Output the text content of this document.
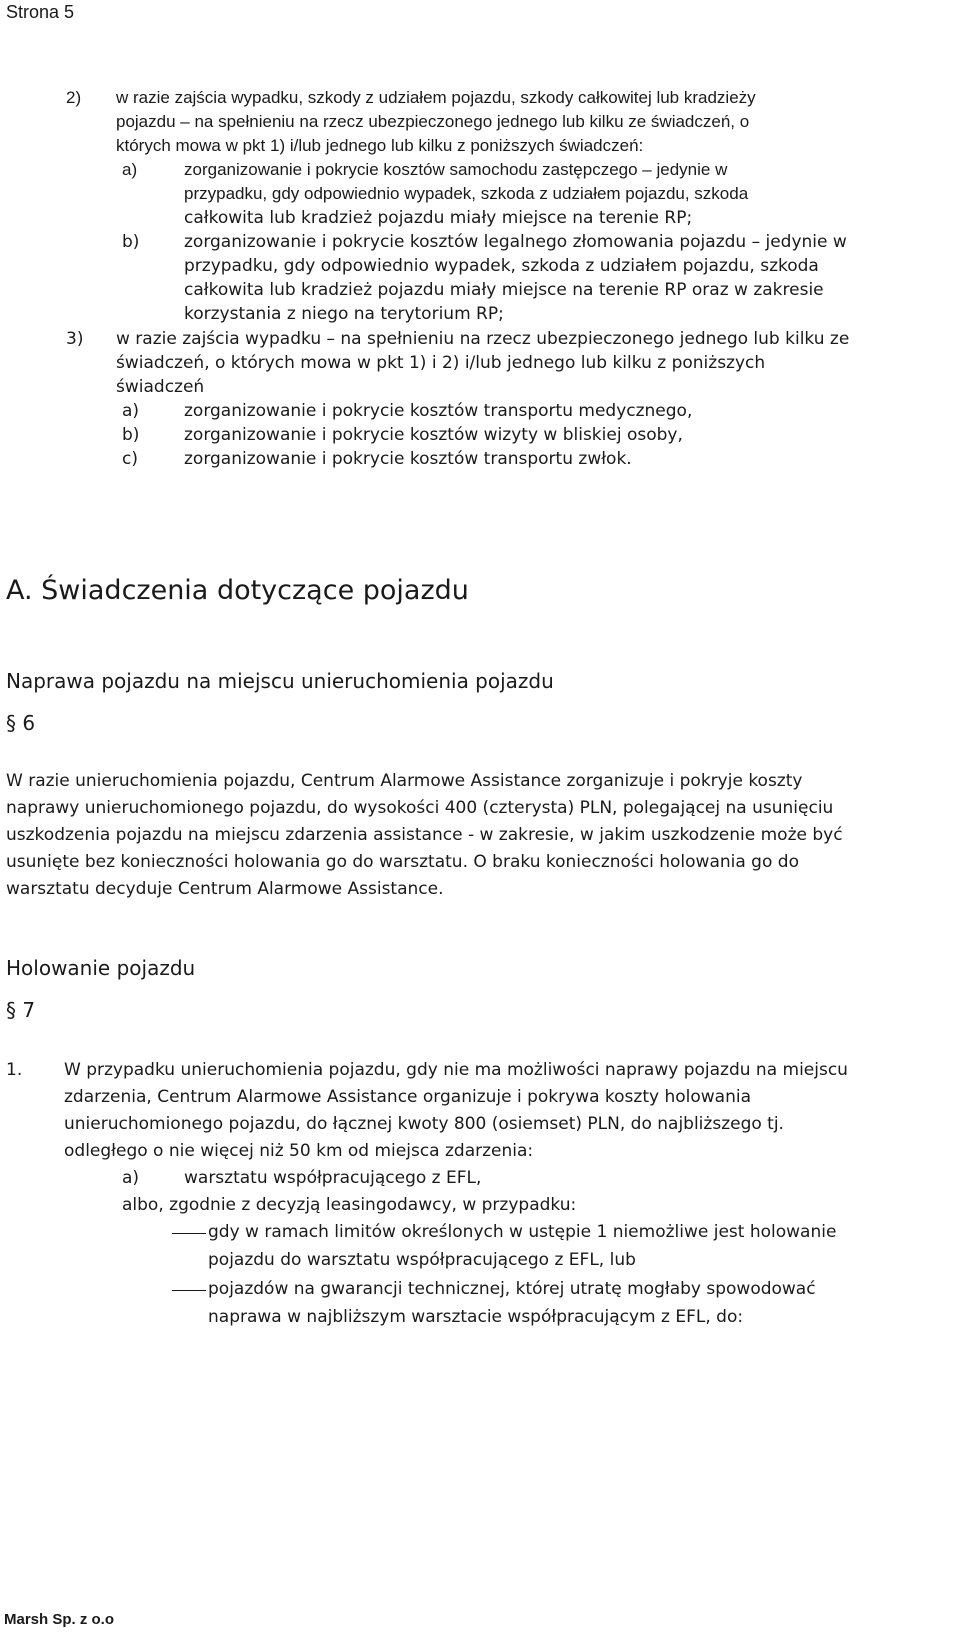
Strona 5
2) w razie zajścia wypadku, szkody z udziałem pojazdu, szkody całkowitej lub kradzieży
pojazdu – na spełnieniu na rzecz ubezpieczonego jednego lub kilku ze świadczeń, o
których mowa w pkt 1) i/lub jednego lub kilku z poniższych świadczeń:
a)	zorganizowanie i pokrycie kosztów samochodu zastępczego – jedynie w
przypadku, gdy odpowiednio wypadek, szkoda z udziałem pojazdu, szkoda
całkowita lub kradzież pojazdu miały miejsce na terenie RP;
b)	zorganizowanie i pokrycie kosztów legalnego złomowania pojazdu – jedynie w
przypadku, gdy odpowiednio wypadek, szkoda z udziałem pojazdu, szkoda
całkowita lub kradzież pojazdu miały miejsce na terenie RP oraz w zakresie
korzystania z niego na terytorium RP;
3) w razie zajścia wypadku – na spełnieniu na rzecz ubezpieczonego jednego lub kilku ze
świadczeń, o których mowa w pkt 1) i 2) i/lub jednego lub kilku z poniższych
świadczeń
a)	zorganizowanie i pokrycie kosztów transportu medycznego,
b)	zorganizowanie i pokrycie kosztów wizyty w bliskiej osoby,
c)	zorganizowanie i pokrycie kosztów transportu zwłok.
A. Świadczenia dotyczące pojazdu
Naprawa pojazdu na miejscu unieruchomienia pojazdu
§ 6
W razie unieruchomienia pojazdu, Centrum Alarmowe Assistance zorganizuje i pokryje koszty
naprawy unieruchomionego pojazdu, do wysokości 400 (czterysta) PLN, polegającej na usunięciu
uszkodzenia pojazdu na miejscu zdarzenia assistance - w zakresie, w jakim uszkodzenie może być
usunięte bez konieczności holowania go do warsztatu. O braku konieczności holowania go do
warsztatu decyduje Centrum Alarmowe Assistance.
Holowanie pojazdu
§ 7
1. W przypadku unieruchomienia pojazdu, gdy nie ma możliwości naprawy pojazdu na miejscu
zdarzenia, Centrum Alarmowe Assistance organizuje i pokrywa koszty holowania
unieruchomionego pojazdu, do łącznej kwoty 800 (osiemset) PLN, do najbliższego tj.
odległego o nie więcej niż 50 km od miejsca zdarzenia:
a)	warsztatu współpracującego z EFL,
albo, zgodnie z decyzją leasingodawcy, w przypadku:
gdy w ramach limitów określonych w ustępie 1 niemożliwe jest holowanie
pojazdu do warsztatu współpracującego z EFL, lub
pojazdów na gwarancji technicznej, której utratę mogłaby spowodować
naprawa w najbliższym warsztacie współpracującym z EFL, do:
Marsh Sp. z o.o
